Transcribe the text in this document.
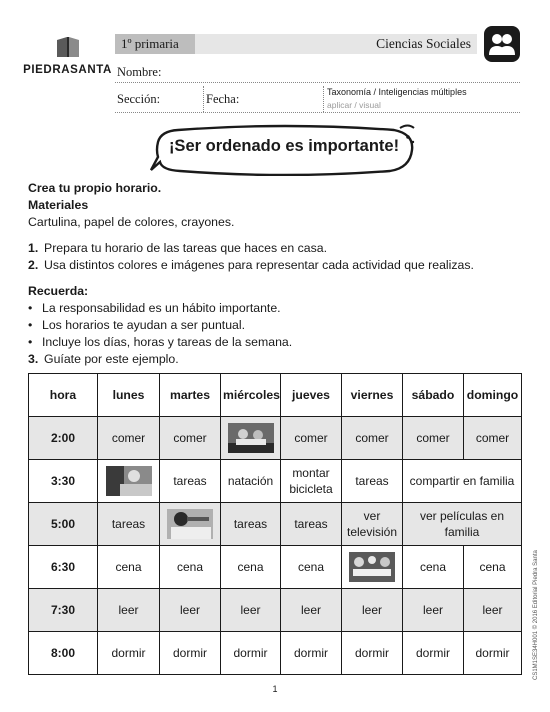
PIEDRASANTA
1º primaria	Ciencias Sociales
Nombre:
Sección:	Fecha:	Taxonomía / Inteligencias múltiples
aplicar / visual
¡Ser ordenado es importante!
Crea tu propio horario.
Materiales
Cartulina, papel de colores, crayones.
1. Prepara tu horario de las tareas que haces en casa.
2. Usa distintos colores e imágenes para representar cada actividad que realizas.
Recuerda:
• La responsabilidad es un hábito importante.
• Los horarios te ayudan a ser puntual.
• Incluye los días, horas y tareas de la semana.
3. Guíate por este ejemplo.
hora	lunes	martes	miércoles	jueves	viernes	sábado	domingo
2:00	comer	comer		comer	comer	comer	comer
3:30		tareas	natación	montar bicicleta	tareas	compartir en familia	
5:00	tareas		tareas	tareas	ver televisión	ver películas en familia	
6:30	cena	cena	cena	cena		cena	cena
7:30	leer	leer	leer	leer	leer	leer	leer
8:00	dormir	dormir	dormir	dormir	dormir	dormir	dormir	CS1M1SE34H001 © 2016 Editorial Piedra Santa
1
